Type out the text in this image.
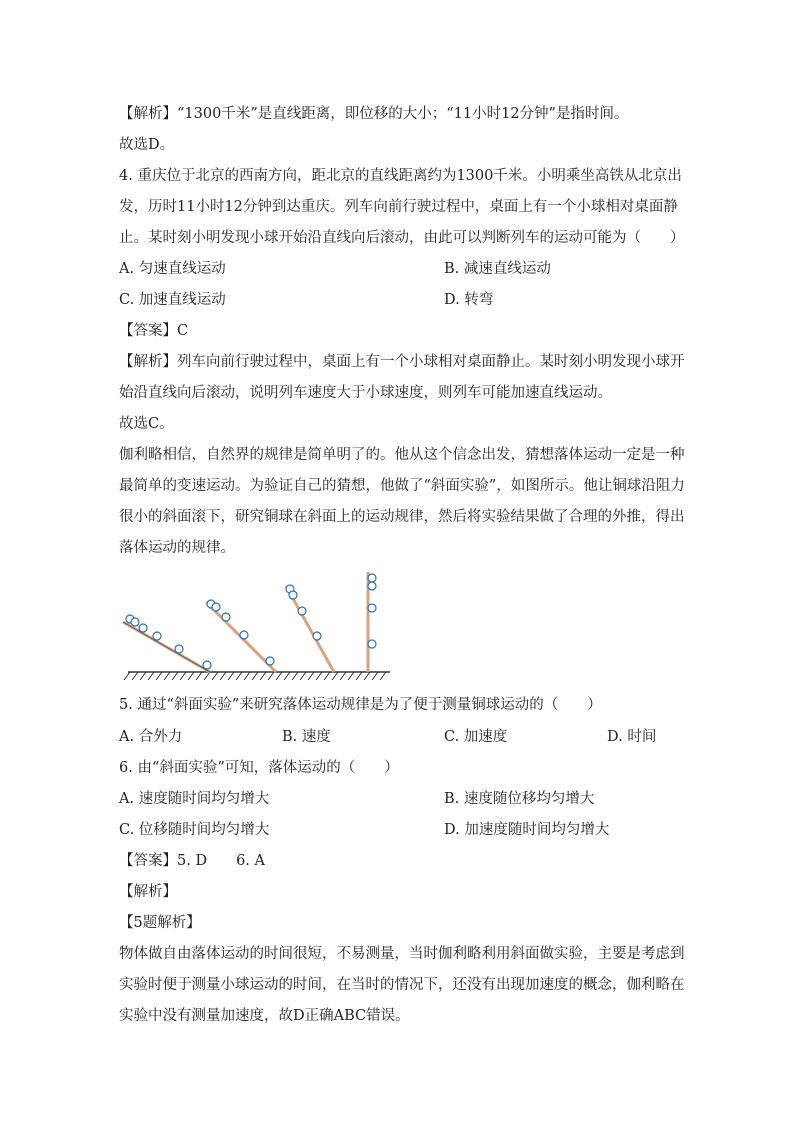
【解析】“1300千米”是直线距离，即位移的大小；“11小时12分钟”是指时间。
故选D。
4. 重庆位于北京的西南方向，距北京的直线距离约为1300千米。小明乘坐高铁从北京出
发，历时11小时12分钟到达重庆。列车向前行驶过程中，桌面上有一个小球相对桌面静
止。某时刻小明发现小球开始沿直线向后滚动，由此可以判断列车的运动可能为（　　）
A. 匀速直线运动	B. 减速直线运动
C. 加速直线运动	D. 转弯
【答案】C
【解析】列车向前行驶过程中，桌面上有一个小球相对桌面静止。某时刻小明发现小球开
始沿直线向后滚动，说明列车速度大于小球速度，则列车可能加速直线运动。
故选C。
伽利略相信，自然界的规律是简单明了的。他从这个信念出发，猜想落体运动一定是一种
最简单的变速运动。为验证自己的猜想，他做了“斜面实验”，如图所示。他让铜球沿阻力
很小的斜面滚下，研究铜球在斜面上的运动规律，然后将实验结果做了合理的外推，得出
落体运动的规律。
5. 通过“斜面实验”来研究落体运动规律是为了便于测量铜球运动的（　　）
A. 合外力	B. 速度	C. 加速度	D. 时间
6. 由“斜面实验”可知，落体运动的（　　）
A. 速度随时间均匀增大	B. 速度随位移均匀增大
C. 位移随时间均匀增大	D. 加速度随时间均匀增大
【答案】5. D　　6. A
【解析】
【5题解析】
物体做自由落体运动的时间很短，不易测量，当时伽利略利用斜面做实验，主要是考虑到
实验时便于测量小球运动的时间，在当时的情况下，还没有出现加速度的概念，伽利略在
实验中没有测量加速度，故D正确ABC错误。
